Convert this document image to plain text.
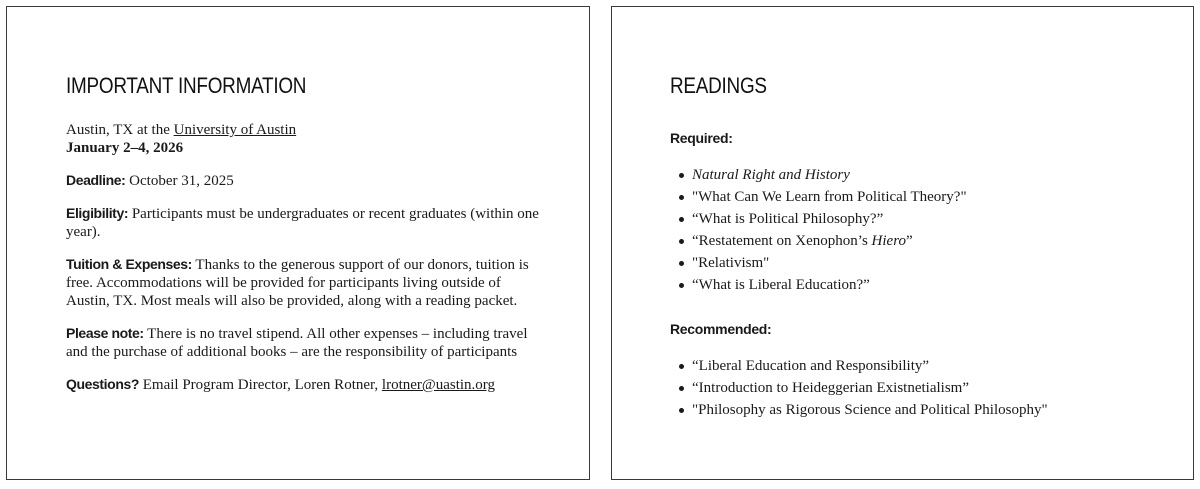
IMPORTANT INFORMATION
Austin, TX at the University of Austin
January 2–4, 2026

Deadline: October 31, 2025

Eligibility: Participants must be undergraduates or recent graduates (within one year).

Tuition & Expenses: Thanks to the generous support of our donors, tuition is free. Accommodations will be provided for participants living outside of Austin, TX. Most meals will also be provided, along with a reading packet.

Please note: There is no travel stipend. All other expenses – including travel and the purchase of additional books – are the responsibility of participants

Questions? Email Program Director, Loren Rotner, lrotner@uastin.org

READINGS

Required:

Natural Right and History
"What Can We Learn from Political Theory?"
“What is Political Philosophy?”
“Restatement on Xenophon’s Hiero”
"Relativism"
“What is Liberal Education?”

Recommended:

“Liberal Education and Responsibility”
“Introduction to Heideggerian Existnetialism”
"Philosophy as Rigorous Science and Political Philosophy"
